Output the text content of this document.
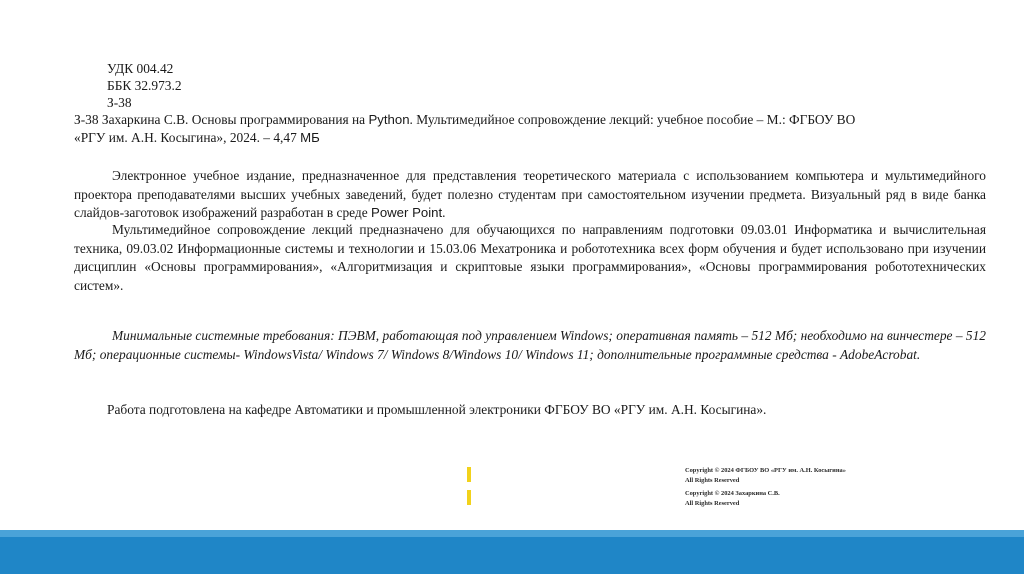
УДК 004.42
ББК 32.973.2
З-38
З-38 Захаркина С.В. Основы программирования на Python. Мультимедийное сопровождение лекций: учебное пособие – М.: ФГБОУ ВО
«РГУ им. А.Н. Косыгина», 2024. – 4,47 МБ
Электронное учебное издание, предназначенное для представления теоретического материала с использованием компьютера и мультимедийного проектора преподавателями высших учебных заведений, будет полезно студентам при самостоятельном изучении предмета. Визуальный ряд в виде банка слайдов-заготовок изображений разработан в среде Power Point.
Мультимедийное сопровождение лекций предназначено для обучающихся по направлениям подготовки 09.03.01 Информатика и вычислительная техника, 09.03.02 Информационные системы и технологии и 15.03.06 Мехатроника и робототехника всех форм обучения и будет использовано при изучении дисциплин «Основы программирования», «Алгоритмизация и скриптовые языки программирования», «Основы программирования робототехнических систем».
Минимальные системные требования: ПЭВМ, работающая под управлением Windows; оперативная память – 512 Мб; необходимо на винчестере – 512 Мб; операционные системы- WindowsVista/ Windows 7/ Windows 8/Windows 10/ Windows 11; дополнительные программные средства - AdobeAcrobat.
Работа подготовлена на кафедре Автоматики и промышленной электроники ФГБОУ ВО «РГУ им. А.Н. Косыгина».
Copyright © 2024 ФГБОУ ВО «РГУ им. А.Н. Косыгина»
All Rights Reserved
Copyright © 2024 Захаркина С.В.
All Rights Reserved
